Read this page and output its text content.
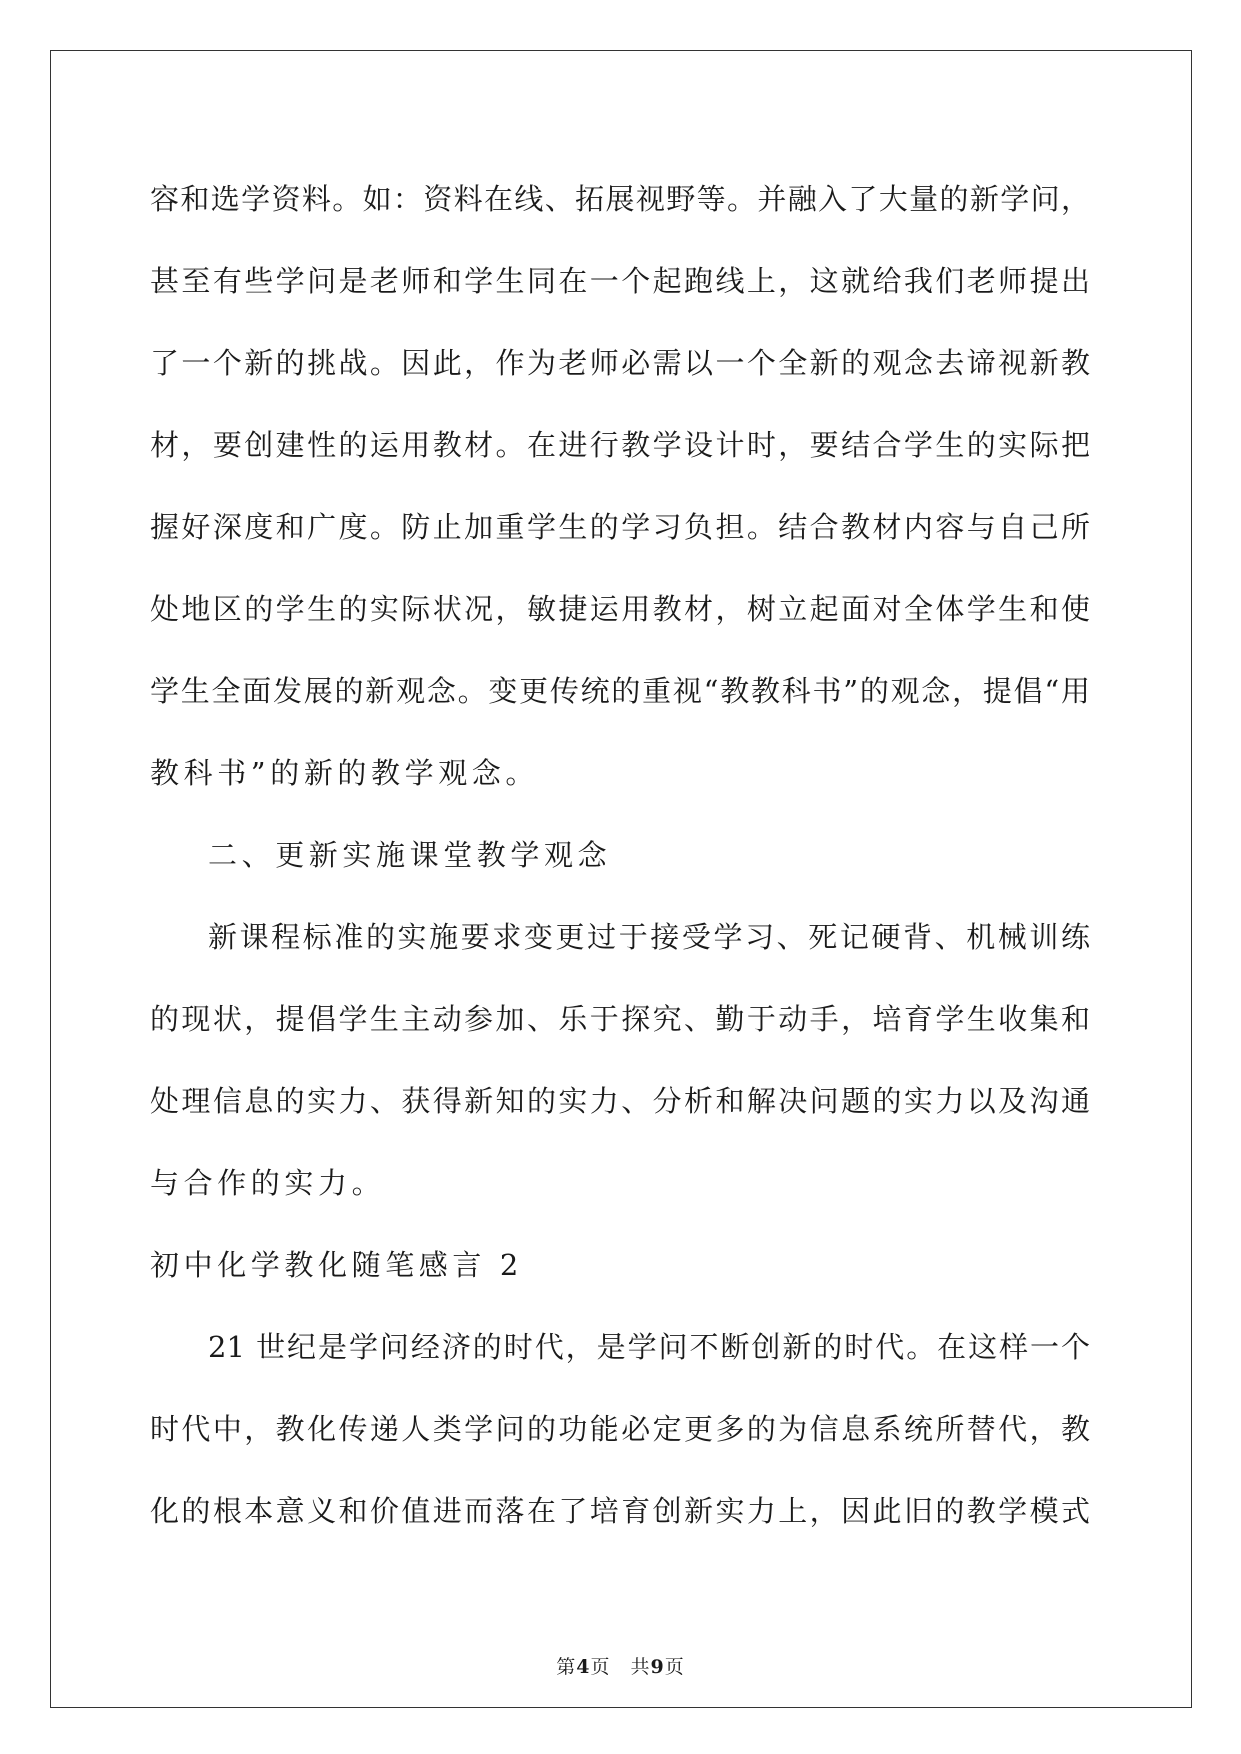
容和选学资料。如：资料在线、拓展视野等。并融入了大量的新学问，
甚至有些学问是老师和学生同在一个起跑线上，这就给我们老师提出
了一个新的挑战。因此，作为老师必需以一个全新的观念去谛视新教
材，要创建性的运用教材。在进行教学设计时，要结合学生的实际把
握好深度和广度。防止加重学生的学习负担。结合教材内容与自己所
处地区的学生的实际状况，敏捷运用教材，树立起面对全体学生和使
学生全面发展的新观念。变更传统的重视“教教科书”的观念，提倡“用
教科书”的新的教学观念。
二、更新实施课堂教学观念
新课程标准的实施要求变更过于接受学习、死记硬背、机械训练
的现状，提倡学生主动参加、乐于探究、勤于动手，培育学生收集和
处理信息的实力、获得新知的实力、分析和解决问题的实力以及沟通
与合作的实力。
初中化学教化随笔感言 2
21 世纪是学问经济的时代，是学问不断创新的时代。在这样一个
时代中，教化传递人类学问的功能必定更多的为信息系统所替代，教
化的根本意义和价值进而落在了培育创新实力上，因此旧的教学模式
第4页 共9页
